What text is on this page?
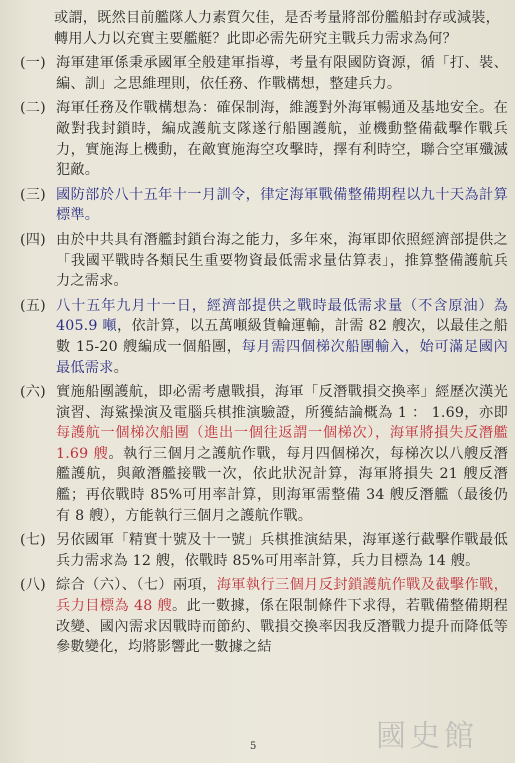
或謂，既然目前艦隊人力素質欠佳，是否考量將部份艦船封存或減裝，轉用人力以充實主要艦艇？此即必需先研究主戰兵力需求為何？

(一) 海軍建軍係秉承國軍全般建軍指導，考量有限國防資源，循「打、裝、編、訓」之思維理則，依任務、作戰構想，整建兵力。
(二) 海軍任務及作戰構想為：確保制海，維護對外海軍暢通及基地安全。在敵對我封鎖時，編成護航支隊遂行船團護航，並機動整備截擊作戰兵力，實施海上機動，在敵實施海空攻擊時，擇有利時空，聯合空軍殲滅犯敵。
(三) 國防部於八十五年十一月訓令，律定海軍戰備整備期程以九十天為計算標準。
(四) 由於中共具有潛艦封鎖台海之能力，多年來，海軍即依照經濟部提供之「我國平戰時各類民生重要物資最低需求量估算表」，推算整備護航兵力之需求。
(五) 八十五年九月十一日，經濟部提供之戰時最低需求量（不含原油）為 405.9 噸，依計算，以五萬噸級貨輪運輸，計需 82 艘次，以最佳之船數 15-20 艘編成一個船團，每月需四個梯次船團輸入，始可滿足國內最低需求。
(六) 實施船團護航，即必需考慮戰損，海軍「反潛戰損交換率」經歷次漢光演習、海鯊操演及電腦兵棋推演驗證，所獲結論概為 1 ： 1.69，亦即每護航一個梯次船團（進出一個往返謂一個梯次），海軍將損失反潛艦 1.69 艘。執行三個月之護航作戰，每月四個梯次，每梯次以八艘反潛艦護航，與敵潛艦接戰一次，依此狀況計算，海軍將損失 21 艘反潛艦；再依戰時 85%可用率計算，則海軍需整備 34 艘反潛艦（最後仍有 8 艘），方能執行三個月之護航作戰。
(七) 另依國軍「精實十號及十一號」兵棋推演結果，海軍遂行截擊作戰最低兵力需求為 12 艘，依戰時 85%可用率計算，兵力目標為 14 艘。
(八) 綜合（六）、（七）兩項，海軍執行三個月反封鎖護航作戰及截擊作戰，兵力目標為 48 艘。此一數據，係在限制條件下求得，若戰備整備期程改變、國內需求因戰時而節約、戰損交換率因我反潛戰力提升而降低等參數變化，均將影響此一數據之結
5	國史館
